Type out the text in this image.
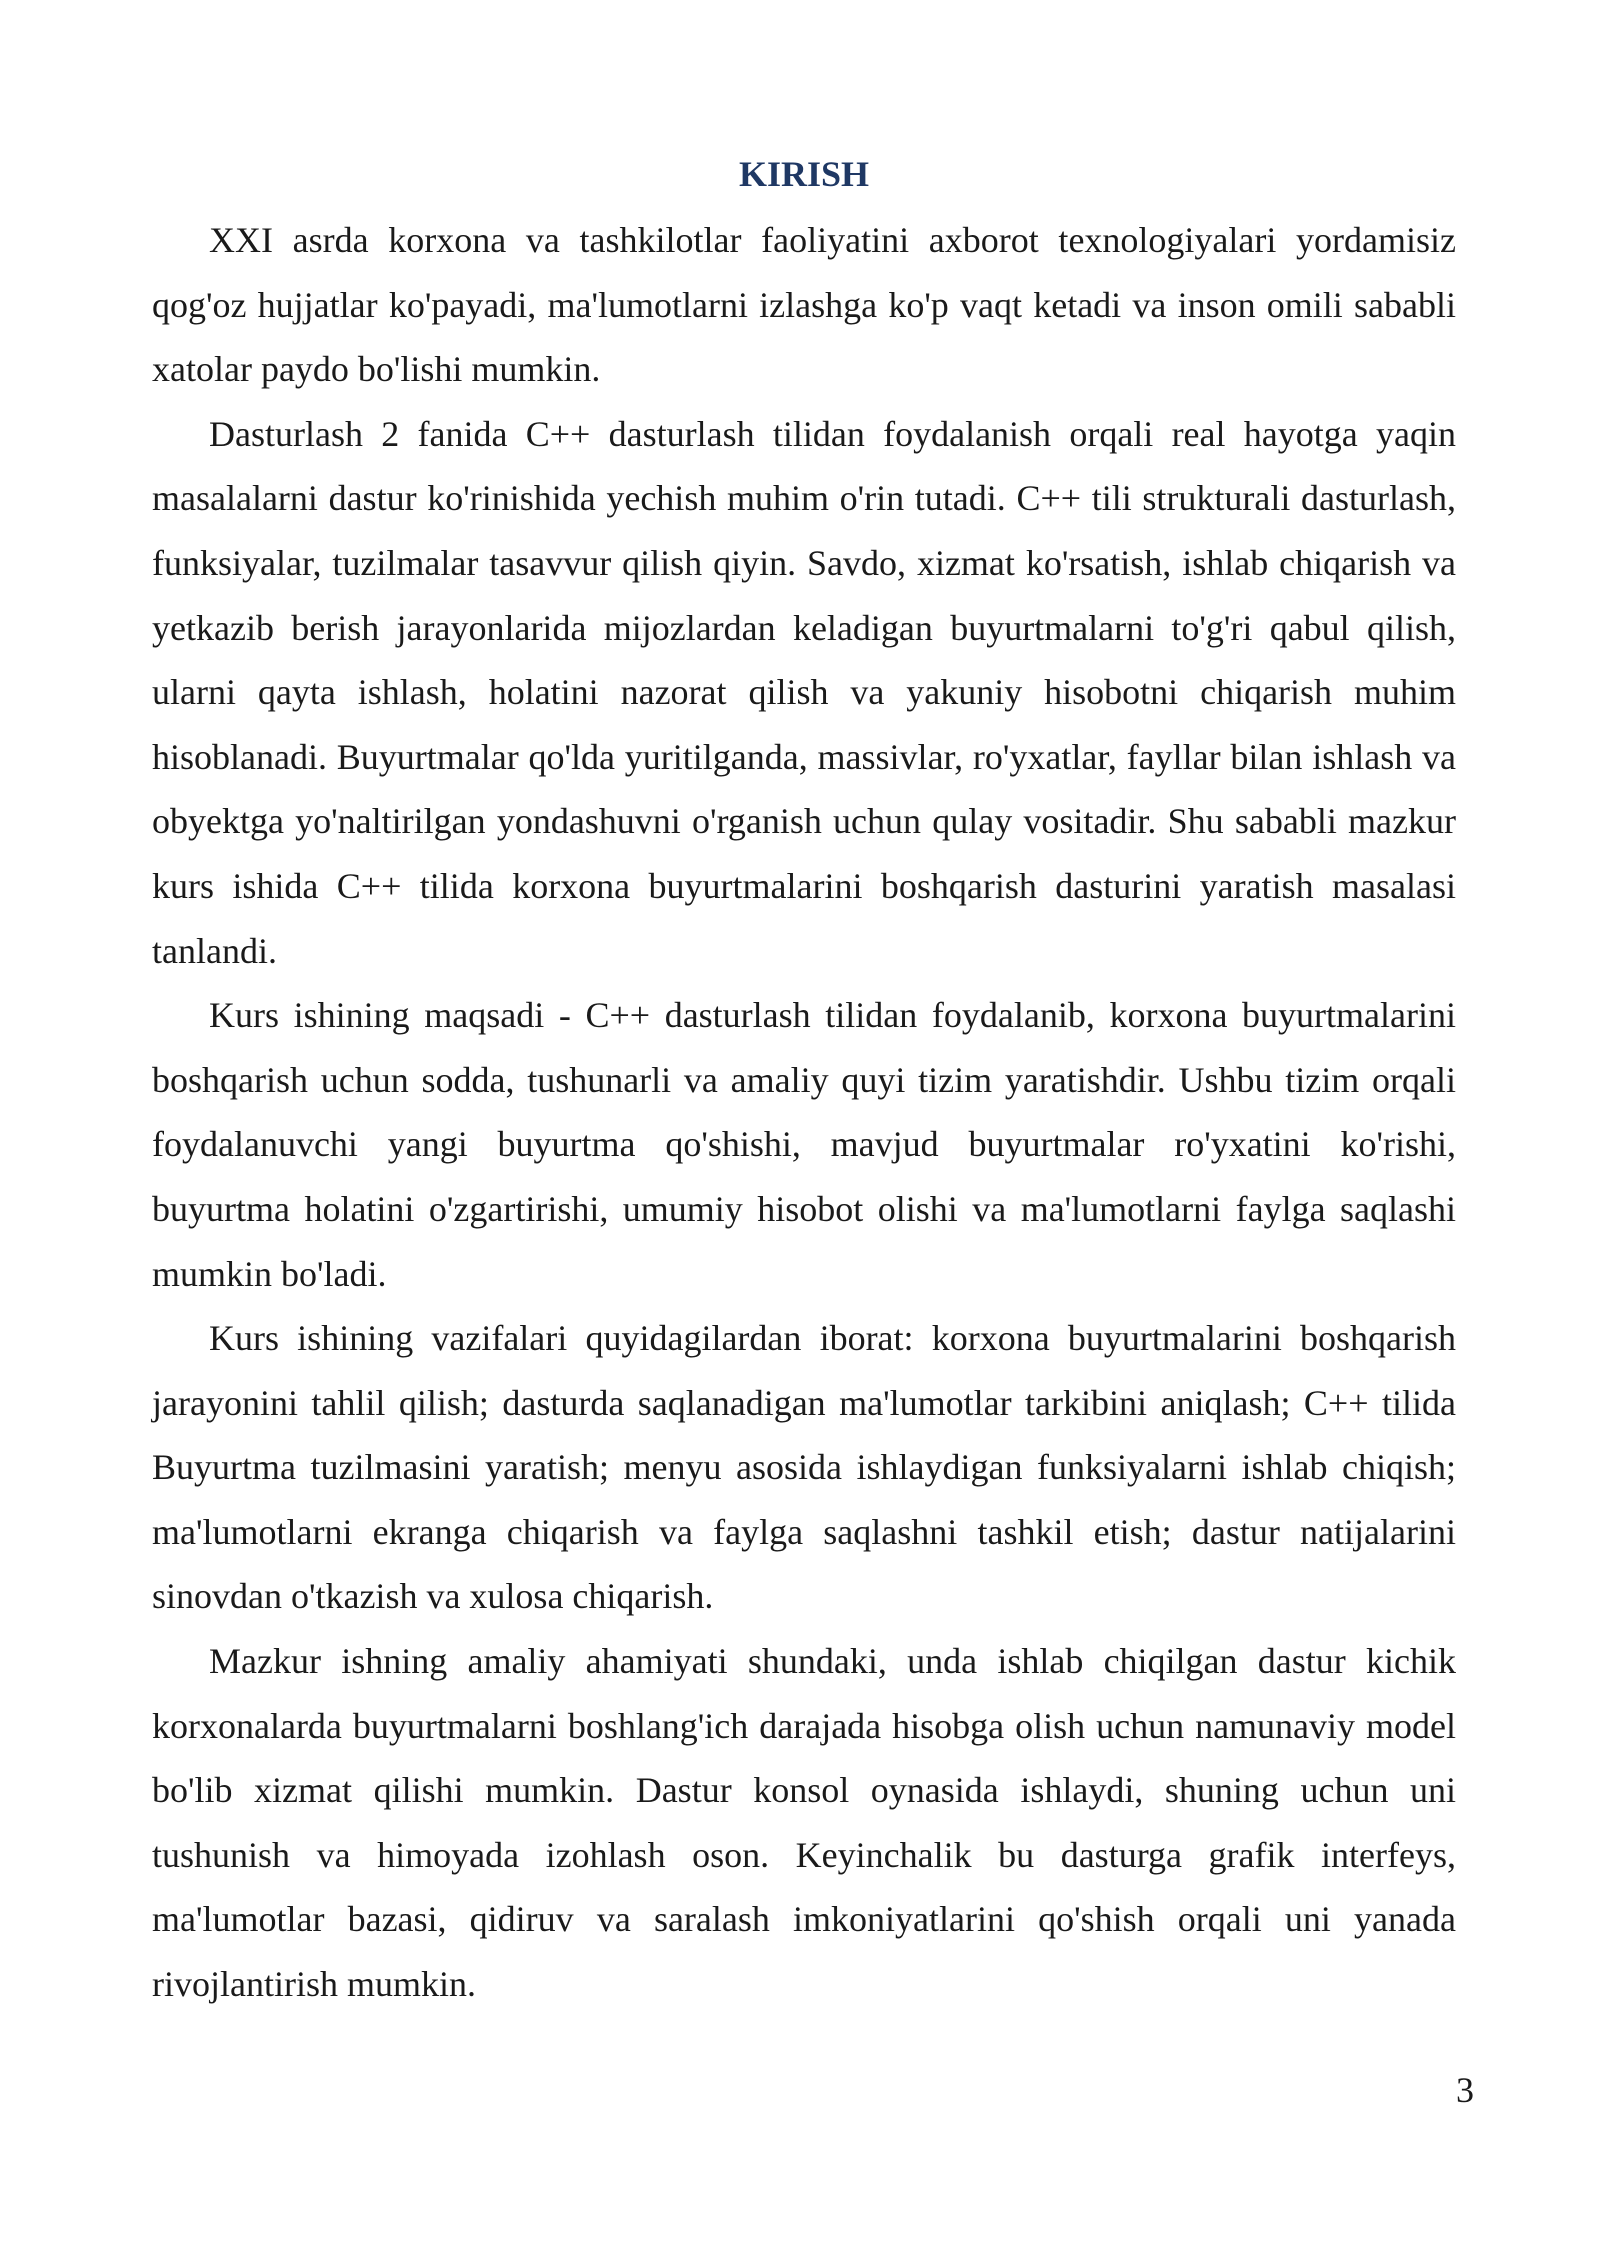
KIRISH

XXI asrda korxona va tashkilotlar faoliyatini axborot texnologiyalari yordamisiz qog'oz hujjatlar ko'payadi, ma'lumotlarni izlashga ko'p vaqt ketadi va inson omili sababli xatolar paydo bo'lishi mumkin.

Dasturlash 2 fanida C++ dasturlash tilidan foydalanish orqali real hayotga yaqin masalalarni dastur ko'rinishida yechish muhim o'rin tutadi. C++ tili strukturali dasturlash, funksiyalar, tuzilmalar tasavvur qilish qiyin. Savdo, xizmat ko'rsatish, ishlab chiqarish va yetkazib berish jarayonlarida mijozlardan keladigan buyurtmalarni to'g'ri qabul qilish, ularni qayta ishlash, holatini nazorat qilish va yakuniy hisobotni chiqarish muhim hisoblanadi. Buyurtmalar qo'lda yuritilganda, massivlar, ro'yxatlar, fayllar bilan ishlash va obyektga yo'naltirilgan yondashuvni o'rganish uchun qulay vositadir. Shu sababli mazkur kurs ishida C++ tilida korxona buyurtmalarini boshqarish dasturini yaratish masalasi tanlandi.

Kurs ishining maqsadi - C++ dasturlash tilidan foydalanib, korxona buyurtmalarini boshqarish uchun sodda, tushunarli va amaliy quyi tizim yaratishdir. Ushbu tizim orqali foydalanuvchi yangi buyurtma qo'shishi, mavjud buyurtmalar ro'yxatini ko'rishi, buyurtma holatini o'zgartirishi, umumiy hisobot olishi va ma'lumotlarni faylga saqlashi mumkin bo'ladi.

Kurs ishining vazifalari quyidagilardan iborat: korxona buyurtmalarini boshqarish jarayonini tahlil qilish; dasturda saqlanadigan ma'lumotlar tarkibini aniqlash; C++ tilida Buyurtma tuzilmasini yaratish; menyu asosida ishlaydigan funksiyalarni ishlab chiqish; ma'lumotlarni ekranga chiqarish va faylga saqlashni tashkil etish; dastur natijalarini sinovdan o'tkazish va xulosa chiqarish.

Mazkur ishning amaliy ahamiyati shundaki, unda ishlab chiqilgan dastur kichik korxonalarda buyurtmalarni boshlang'ich darajada hisobga olish uchun namunaviy model bo'lib xizmat qilishi mumkin. Dastur konsol oynasida ishlaydi, shuning uchun uni tushunish va himoyada izohlash oson. Keyinchalik bu dasturga grafik interfeys, ma'lumotlar bazasi, qidiruv va saralash imkoniyatlarini qo'shish orqali uni yanada rivojlantirish mumkin.

3
